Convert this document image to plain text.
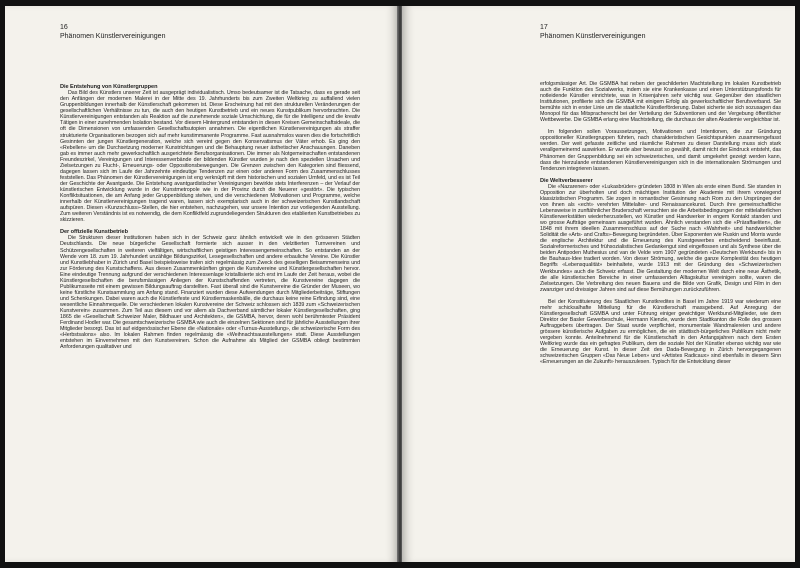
16
Phänomen Künstlervereinigungen
Die Entstehung von Künstlergruppen

Das Bild des Künstlers unserer Zeit ist ausgeprägt individualistisch. Umso bedeutsamer ist die Tatsache, dass es gerade seit den Anfängen der modernen Malerei in der Mitte des 19. Jahrhunderts bis zum Zweiten Weltkrieg zu auffallend vielen Gruppenbildungen innerhalb der Künstlerschaft gekommen ist. Diese Erscheinung hat mit den strukturellen Veränderungen der gesellschaftlichen Verhältnisse zu tun, die auch den heutigen Kunstbetrieb und ein neues Kunstpublikum hervorbrachten. Die Künstlervereinigungen entstanden als Reaktion auf die zunehmende soziale Umschichtung, die für die Intelligenz und die kreativ Tätigen in einer zunehmenden Isolation bestand. Vor diesem Hintergrund entstanden in diesen Kreisen Gemeinschaftsideale, die oft die Dimensionen von umfassenden Gesellschaftsutopien annahmen. Die eigentlichen Künstlervereinigungen als straffer strukturierte Organisationen bezogen sich auf mehr kunstimmanente Programme. Fast ausnahmslos waren dies die fortschrittlich Gesinnten der jungen Künstlergeneration, welche sich vereint gegen den Konservatismus der Väter erhob. Es ging den «Rebellen» um die Durchsetzung moderner Kunstrichtungen und die Behauptung neuer ästhetischer Anschauungen. Daneben gab es immer auch mehr gewerkschaftlich ausgerichtete Berufsorganisationen. Die immer als Notgemeinschaften entstandenen Freundeszirkel, Vereinigungen und Interessenverbände der bildenden Künstler wurden je nach den speziellen Ursachen und Zielsetzungen zu Flucht-, Erneuerungs- oder Oppositionsbewegungen. Die Grenzen zwischen den Kategorien sind fliessend, dagegen lassen sich im Laufe der Jahrzehnte eindeutige Tendenzen zur einen oder anderen Form des Zusammenschlusses feststellen. Das Phänomen der Künstlervereinigungen ist eng verknüpft mit dem historischen und sozialen Umfeld, und es ist Teil der Geschichte der Avantgarde. Die Entstehung avantgardistischer Vereinigungen bewirkte stets Interferenzen – der Verlauf der künstlerischen Entwicklung wurde in der Kunstmetropole wie in der Provinz durch die Neuerer «gestört». Die typischen Konfliktsituationen, die am Anfang jeder Gruppenbildung stehen, und die verschiedenen Motivationen und Programme, welche innerhalb der Künstlervereinigungen tragend waren, lassen sich exemplarisch auch in der schweizerischen Kunstlandschaft aufspüren. Diesen «Kunzschluss»-Stellen, die hier entstehen, nachzugehen, war unsere Intention zur vorliegenden Ausstellung. Zum weiteren Verständnis ist es notwendig, die dem Konfliktfeld zugrundeliegenden Strukturen des etablierten Kunstbetriebes zu skizzieren.

Der offizielle Kunstbetrieb

Die Strukturen dieser Institutionen haben sich in der Schweiz ganz ähnlich entwickelt wie in den grösseren Städten Deutschlands. Die neue bürgerliche Gesellschaft formierte sich ausser in den vielzitierten Turnvereinen und Schützengesellschaften in weiteren vielfältigen, wirtschaftlichen geistigen Interessengemeinschaften. So entstanden an der Wende vom 18. zum 19. Jahrhundert unzählige Bildungszirkel, Lesegesellschaften und andere erbauliche Vereine. Die Künstler und Kunstliebhaber in Zürich und Basel beispielsweise trafen sich regelmässig zum Zweck des geselligen Beisammenseins und zur Förderung des Kunstschaffens. Aus diesen Zusammenkünften gingen die Kunstvereine und Künstlergesellschaften hervor. Eine eindeutige Trennung aufgrund der verschiedenen Interessenlage kristallisierte sich erst im Laufe der Zeit heraus, wobei die Künstlergesellschaften die berufsmässigen Anliegen der Kunstschaffenden vertreten, die Kunstvereine dagegen die Publikumsseite mit einem gewissen Bildungsauftrag darstellten. Fast überall sind die Kunstvereine die Gründer der Museen, wo keine fürstliche Kunstsammlung am Anfang stand. Finanziert wurden diese Aufwendungen durch Mitgliederbeiträge, Stiftungen und Schenkungen. Dabei waren auch die Künstlerfeste und Künstlermaskenbälle, die durchaus keine reine Erfindung sind, eine wesentliche Einnahmequelle. Die verschiedenen lokalen Kunstvereine der Schweiz schlossen sich 1839 zum «Schweizerischen Kunstverein» zusammen. Zum Teil aus diesem und vor allem als Dachverband sämtlicher lokaler Künstlergesellschaften, ging 1865 die «Gesellschaft Schweizer Maler, Bildhauer und Architekten», die GSMBA, hervor, deren wohl berühmtester Präsident Ferdinand Hodler war. Die gesamtschweizerische GSMBA wie auch die einzelnen Sektionen sind für jährliche Ausstellungen ihrer Mitglieder besorgt. Das ist auf eidgenössischer Ebene die «Nationale» oder «Turnus-Ausstellung», die schweizerische Form des «Herbstsalons» also. Im lokalen Rahmen finden regelmässig die «Weihnachtsausstellungen» statt. Diese Ausstellungen entstehen im Einvernehmen mit den Kunstvereinen. Schon die Aufnahme als Mitglied der GSMBA obliegt bestimmten Anforderungen qualitativer und

17
Phänomen Künstlervereinigungen

erfolgsmässiger Art. Die GSMBA hat neben der geschilderten Machtstellung im lokalen Kunstbetrieb auch die Funktion des Sozialwerks, indem sie eine Krankenkasse und einen Unterstützungsfonds für notleidende Künstler einrichtete, was in Krisenjahren sehr wichtig war. Gegenüber den staatlichen Institutionen, profilierte sich die GSMBA mit einigem Erfolg als gewerkschaftlicher Berufsverband. Sie bemühte sich in erster Linie um die staatliche Künstlerförderung. Dabei sicherte sie sich sozusagen das Monopol für das Mitspracherecht bei der Verteilung der Subventionen und der Vergebung öffentlicher Wettbewerbe. Die GSMBA erlang eine Machtstellung, die durchaus der alten Akademie vergleichbar ist.

Im folgenden sollen Voraussetzungen, Motivationen und Intentionen, die zur Gründung oppositioneller Künstlergruppen führten, nach charakteristischen Gesichtspunkten zusammengefasst werden. Der weit gefasste zeitliche und räumliche Rahmen zu dieser Darstellung muss sich stark verallgemeinernd auswirken. Er wurde aber bewusst so gewählt, damit nicht der Eindruck entsteht, das Phänomen der Gruppenbildung sei ein schweizerisches, und damit umgekehrt gezeigt werden kann, dass die hierzulande entstandenen Künstlervereinigungen sich in die internationalen Strömungen und Tendenzen integrieren lassen.

Die Weltverbesserer

Die «Nazarener» oder «Lukasbrüder» gründeten 1808 in Wien als erste einen Bund. Sie standen in Opposition zur überholten und doch mächtigen Institution der Akademie mit ihrem vorwiegend klassizistischen Programm. Sie zogen in romantischer Gesinnung nach Rom zu den Ursprüngen der von ihnen als «echt» verehrten Mittelalter- und Renaissancekunst. Durch ihre gemeinschaftliche Lebensweise in zunftähnlicher Bruderschaft versuchten sie die Arbeitsbedingungen der mittelalterlichen Künstlerwerkstätten wiederherzustellen, wo Künstler und Handwerker in engem Kontakt standen und wo grosse Aufträge gemeinsam ausgeführt wurden. Ähnlich verstanden sich die «Präraffaeliten», die 1848 mit ihrem ideellen Zusammenschluss auf der Suche nach «Wahrheit» und handwerklicher Solidität die «Arts- and Crafts»-Bewegung begründeten. Über Exponenten wie Ruskin und Morris wurde die englische Architektur und die Erneuerung des Kunstgewerbes entscheidend beeinflusst. Sozialreformerisches und frühsozialistisches Gedankengut sind eingeflossen und als Synthese über die beiden Antipoden Muthesius und van de Velde vom 1907 gegründeten «Deutschen Werkbund» bis in die Bauhaus-Idee tradiert worden. Von dieser Strömung, welche die ganze Komplexität des heutigen Begriffs «Lebensqualität» beinhaltete, wurde 1913 mit der Gründung des «Schweizerischen Werkbundes» auch die Schweiz erfasst. Die Gestaltung der modernen Welt durch eine neue Ästhetik, die alle künstlerischen Bereiche in einer umfassenden Alltagskultur vereinigen sollte, waren die Zielsetzungen. Die Verbreitung des neuen Bauens und die Bilde von Grafik, Design und Film in den zwanziger und dreissiger Jahren sind auf diese Bemühungen zurückzuführen.

Bei der Konstituierung des Staatlichen Kunstkredites in Basel im Jahre 1919 war wiederum eine mehr schicksalhafte Mitteilung für die Künstlerschaft massgebend. Auf Anregung der Künstlergesellschaft GSMBA und unter Führung einiger gewichtiger Werkbund-Mitglieder, wie dem Direktor der Basler Gewerbeschule, Hermann Kienzle, wurde dem Stadtkanton die Rolle des grossen Auftraggebers übertragen. Der Staat wurde verpflichtet, monumentale Wandmalereien und andere grössere künstlerische Aufgaben zu ermöglichen, die ein städtisch-bürgerliches Publikum nicht mehr vergeben konnte. Anteilnehmend für die Künstlerschaft in den Anfangsjahren nach dem Ersten Weltkrieg wurde das ein gefragtes Publikum, dem die soziale Not der Künstler ebenso wichtig war wie die Erneuerung der Kunst. In dieser Zeit des Dada-Bewegung in Zürich hervorgegangenen schweizerischen Gruppen «Das Neue Leben» und «Artistes Radicaux» sind ebenfalls in diesem Sinn «Erneuerungen an die Zukunft» herauszulesen. Typisch für die Entwicklung dieser
